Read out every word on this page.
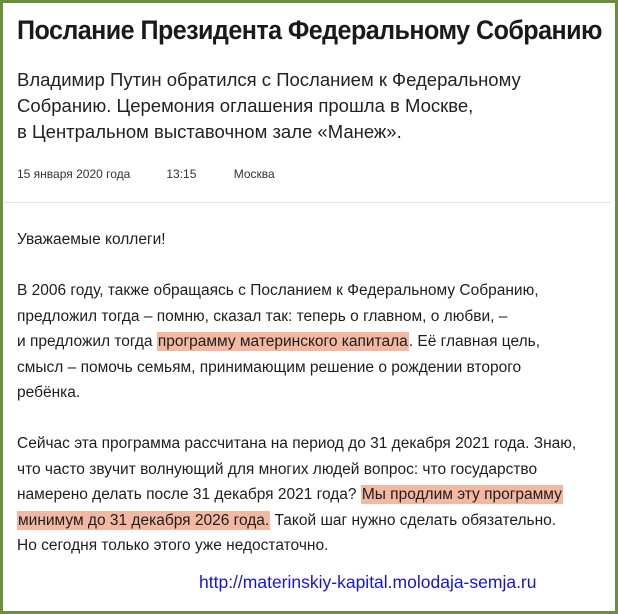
Послание Президента Федеральному Собранию
Владимир Путин обратился с Посланием к Федеральному
Собранию. Церемония оглашения прошла в Москве,
в Центральном выставочном зале «Манеж».
15 января 2020 года	13:15	Москва

Уважаемые коллеги!

В 2006 году, также обращаясь с Посланием к Федеральному Собранию,
предложил тогда – помню, сказал так: теперь о главном, о любви, –
и предложил тогда программу материнского капитала. Её главная цель,
смысл – помочь семьям, принимающим решение о рождении второго
ребёнка.

Сейчас эта программа рассчитана на период до 31 декабря 2021 года. Знаю,
что часто звучит волнующий для многих людей вопрос: что государство
намерено делать после 31 декабря 2021 года? Мы продлим эту программу
минимум до 31 декабря 2026 года. Такой шаг нужно сделать обязательно.
Но сегодня только этого уже недостаточно.

http://materinskiy-kapital.molodaja-semja.ru
